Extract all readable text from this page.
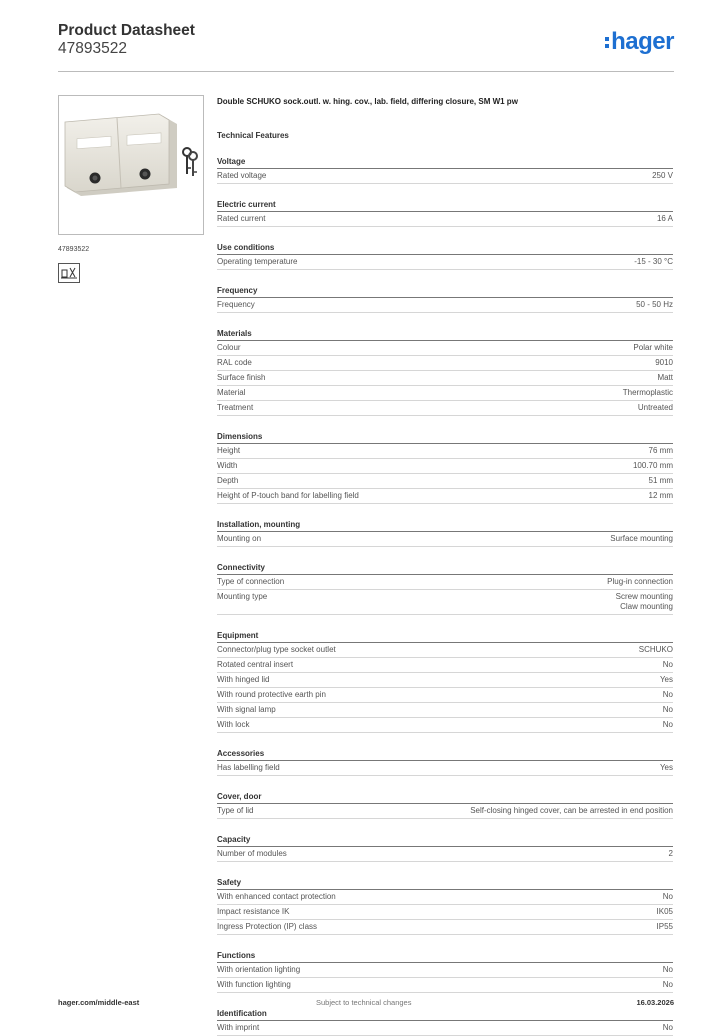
Product Datasheet
47893522	hager
47893522
Double SCHUKO sock.outl. w. hing. cov., lab. field, differing closure, SM W1 pw
Technical Features
Voltage
Rated voltage	250 V
Electric current
Rated current	16 A
Use conditions
Operating temperature	-15 - 30 °C
Frequency
Frequency	50 - 50 Hz
Materials
Colour	Polar white
RAL code	9010
Surface finish	Matt
Material	Thermoplastic
Treatment	Untreated
Dimensions
Height	76 mm
Width	100.70 mm
Depth	51 mm
Height of P-touch band for labelling field	12 mm
Installation, mounting
Mounting on	Surface mounting
Connectivity
Type of connection	Plug-in connection
Mounting type	Screw mounting
Claw mounting
Equipment
Connector/plug type socket outlet	SCHUKO
Rotated central insert	No
With hinged lid	Yes
With round protective earth pin	No
With signal lamp	No
With lock	No
Accessories
Has labelling field	Yes
Cover, door
Type of lid	Self-closing hinged cover, can be arrested in end position
Capacity
Number of modules	2
Safety
With enhanced contact protection	No
Impact resistance IK	IK05
Ingress Protection (IP) class	IP55
Functions
With orientation lighting	No
With function lighting	No
Identification
With imprint	No
hager.com/middle-east	Subject to technical changes	16.03.2026
